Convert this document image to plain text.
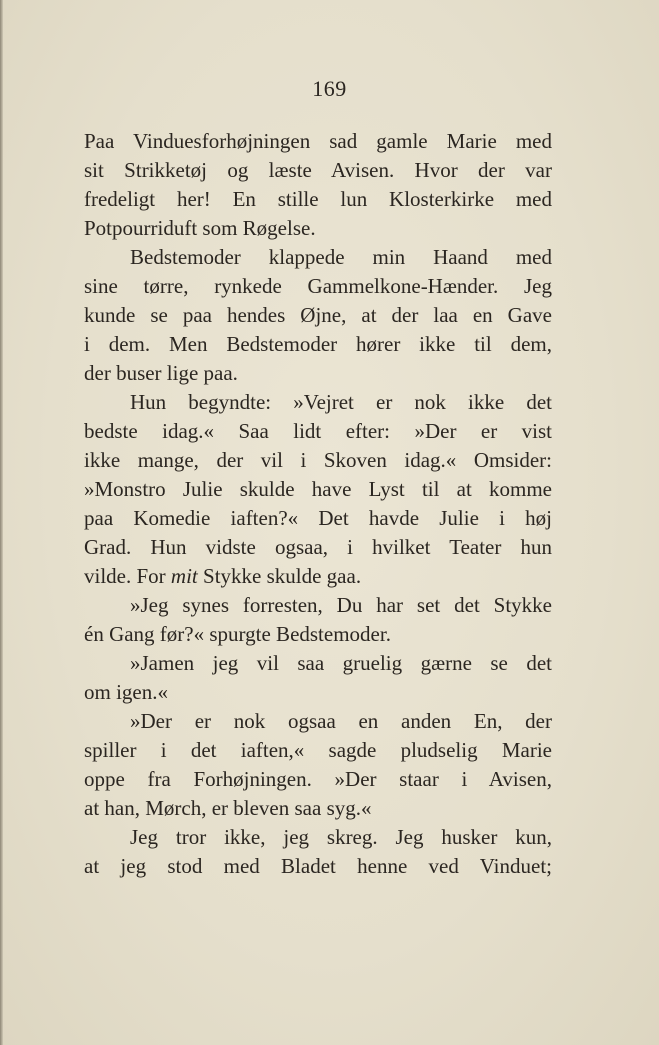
169
Paa Vinduesforhøjningen sad gamle Marie med
sit Strikketøj og læste Avisen. Hvor der var
fredeligt her! En stille lun Klosterkirke med
Potpourriduft som Røgelse.
Bedstemoder klappede min Haand med
sine tørre, rynkede Gammelkone-Hænder. Jeg
kunde se paa hendes Øjne, at der laa en Gave
i dem. Men Bedstemoder hører ikke til dem,
der buser lige paa.
Hun begyndte: »Vejret er nok ikke det
bedste idag.« Saa lidt efter: »Der er vist
ikke mange, der vil i Skoven idag.« Omsider:
»Monstro Julie skulde have Lyst til at komme
paa Komedie iaften?« Det havde Julie i høj
Grad. Hun vidste ogsaa, i hvilket Teater hun
vilde. For mit Stykke skulde gaa.
»Jeg synes forresten, Du har set det Stykke
én Gang før?« spurgte Bedstemoder.
»Jamen jeg vil saa gruelig gærne se det
om igen.«
»Der er nok ogsaa en anden En, der
spiller i det iaften,« sagde pludselig Marie
oppe fra Forhøjningen. »Der staar i Avisen,
at han, Mørch, er bleven saa syg.«
Jeg tror ikke, jeg skreg. Jeg husker kun,
at jeg stod med Bladet henne ved Vinduet;
